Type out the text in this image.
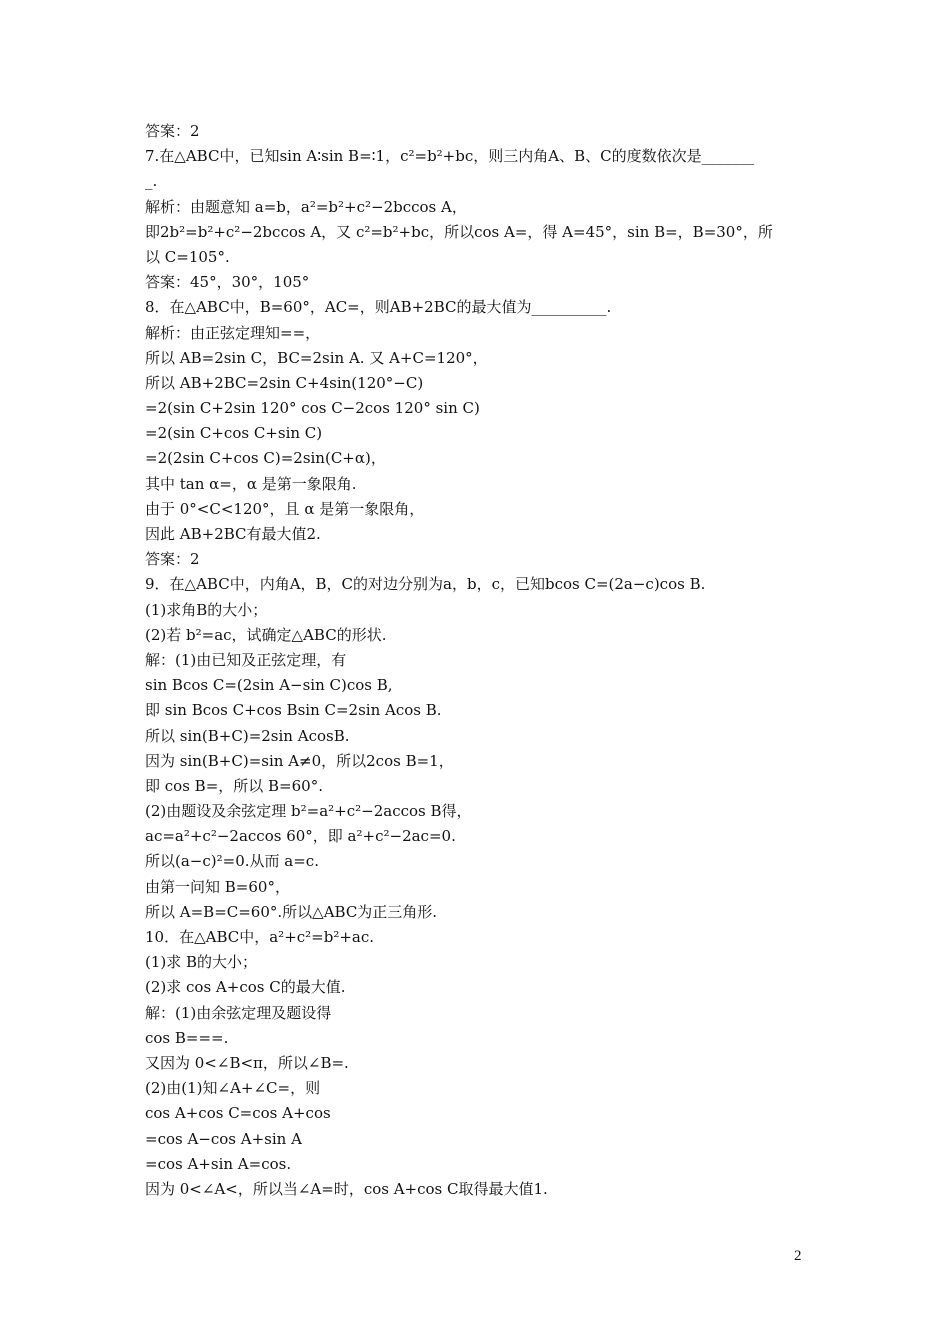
答案：2
7.在△ABC中，已知sin A∶sin B=∶1，c²=b²+bc，则三内角A、B、C的度数依次是_______
_.
解析：由题意知 a=b，a²=b²+c²−2bccos A，
即2b²=b²+c²−2bccos A，又 c²=b²+bc，所以cos A=，得 A=45°，sin B=，B=30°，所
以 C=105°.
答案：45°，30°，105°
8．在△ABC中，B=60°，AC=，则AB+2BC的最大值为__________.
解析：由正弦定理知==，
所以 AB=2sin C，BC=2sin A. 又 A+C=120°，
所以 AB+2BC=2sin C+4sin(120°−C)
=2(sin C+2sin 120° cos C−2cos 120° sin C)
=2(sin C+cos C+sin C)
=2(2sin C+cos C)=2sin(C+α)，
其中 tan α=，α 是第一象限角.
由于 0°<C<120°，且 α 是第一象限角，
因此 AB+2BC有最大值2.
答案：2
9．在△ABC中，内角A，B，C的对边分别为a，b，c，已知bcos C=(2a−c)cos B.
(1)求角B的大小；
(2)若 b²=ac，试确定△ABC的形状.
解：(1)由已知及正弦定理，有
sin Bcos C=(2sin A−sin C)cos B,
即 sin Bcos C+cos Bsin C=2sin Acos B.
所以 sin(B+C)=2sin AcosB.
因为 sin(B+C)=sin A≠0，所以2cos B=1，
即 cos B=，所以 B=60°.
(2)由题设及余弦定理 b²=a²+c²−2accos B得，
ac=a²+c²−2accos 60°，即 a²+c²−2ac=0.
所以(a−c)²=0.从而 a=c.
由第一问知 B=60°，
所以 A=B=C=60°.所以△ABC为正三角形.
10．在△ABC中，a²+c²=b²+ac.
(1)求 B的大小；
(2)求 cos A+cos C的最大值.
解：(1)由余弦定理及题设得
cos B===.
又因为 0<∠B<π，所以∠B=.
(2)由(1)知∠A+∠C=，则
cos A+cos C=cos A+cos
=cos A−cos A+sin A
=cos A+sin A=cos.
因为 0<∠A<，所以当∠A=时，cos A+cos C取得最大值1.
2
